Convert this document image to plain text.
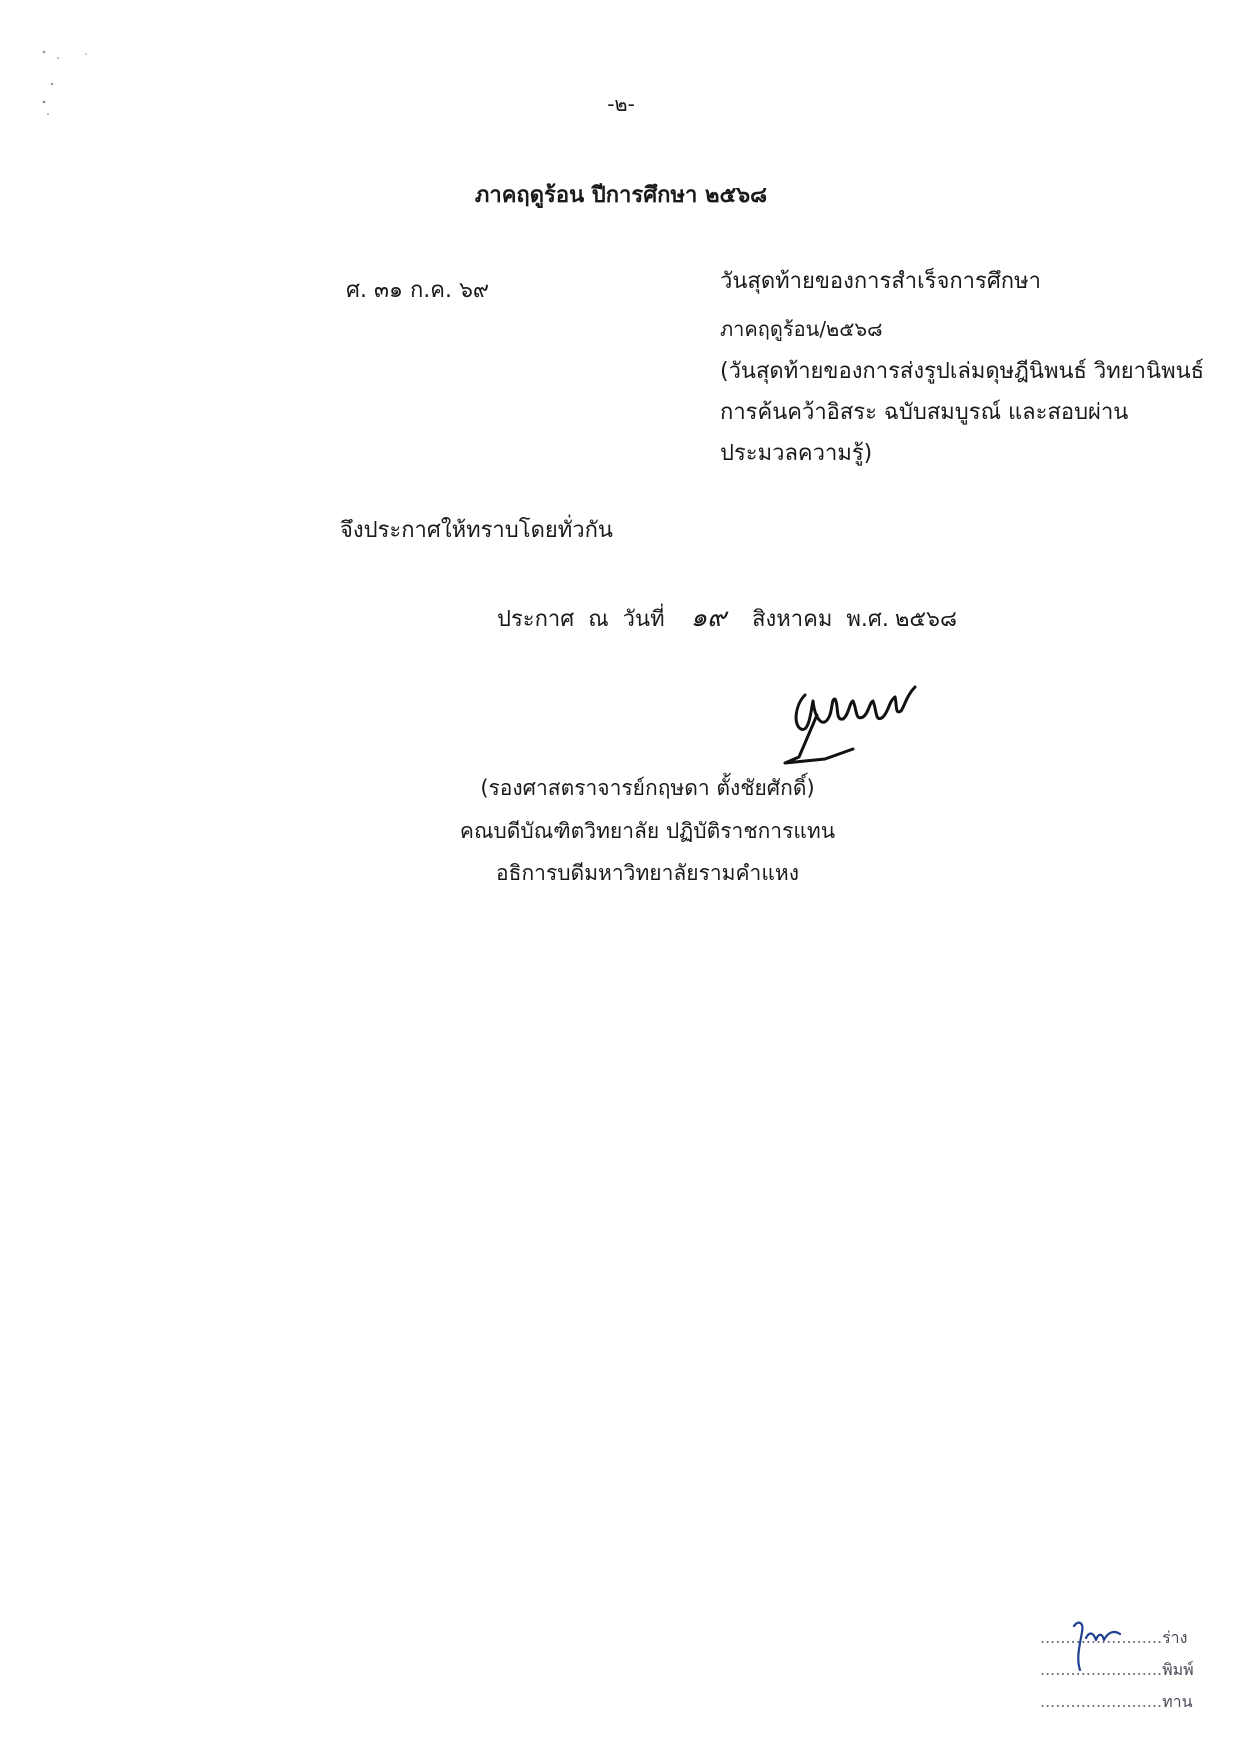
-๒-
ภาคฤดูร้อน ปีการศึกษา ๒๕๖๘
ศ. ๓๑ ก.ค. ๖๙	วันสุดท้ายของการสำเร็จการศึกษา
ภาคฤดูร้อน/๒๕๖๘
(วันสุดท้ายของการส่งรูปเล่มดุษฎีนิพนธ์ วิทยานิพนธ์
การค้นคว้าอิสระ ฉบับสมบูรณ์ และสอบผ่าน
ประมวลความรู้)
จึงประกาศให้ทราบโดยทั่วกัน
ประกาศ ณ วันที่ ๑๙ สิงหาคม พ.ศ. ๒๕๖๘
(รองศาสตราจารย์กฤษดา ตั้งชัยศักดิ์)
คณบดีบัณฑิตวิทยาลัย ปฏิบัติราชการแทน
อธิการบดีมหาวิทยาลัยรามคำแหง
........................ร่าง
........................พิมพ์
........................ทาน
